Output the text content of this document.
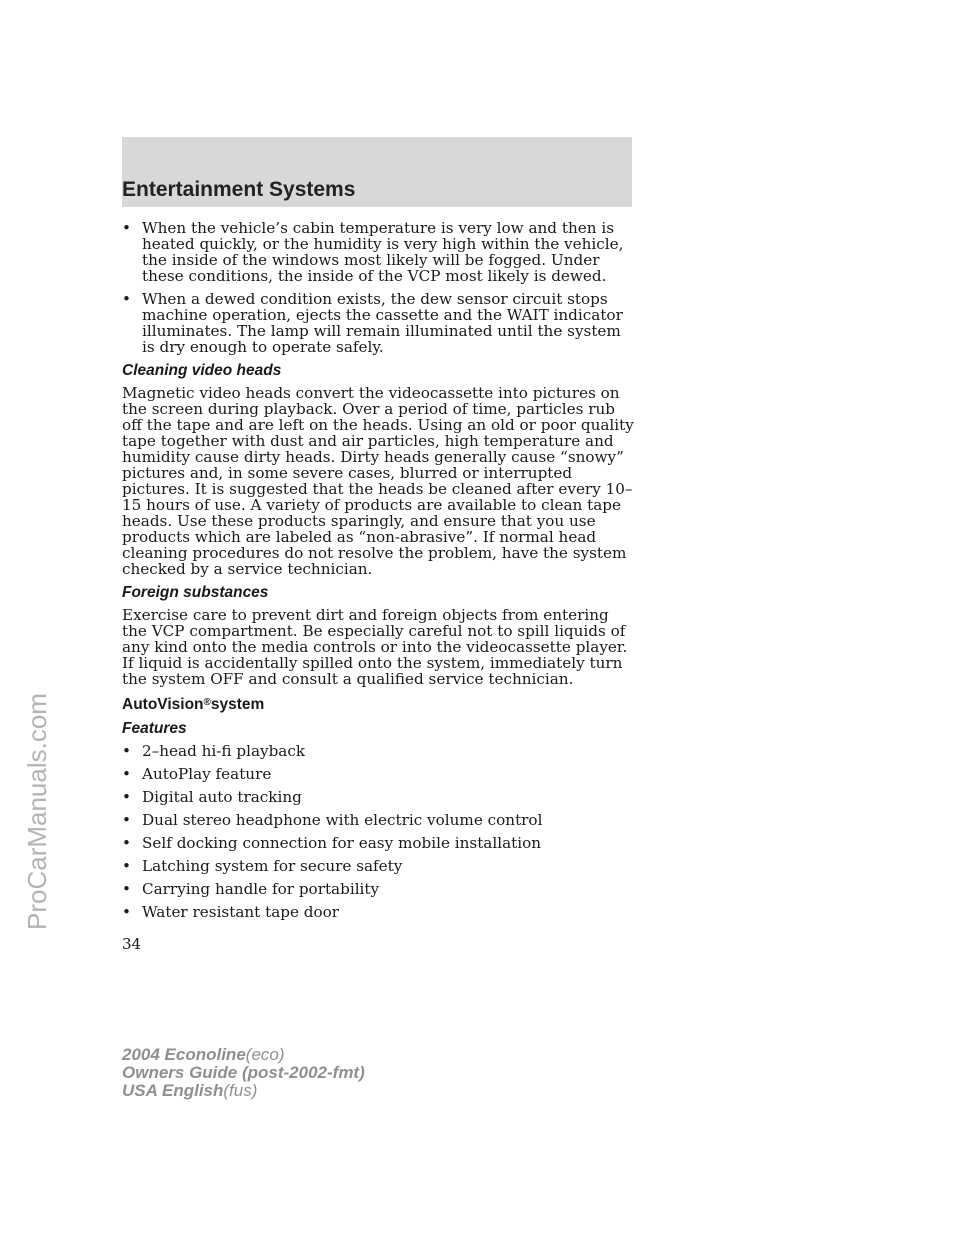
Entertainment Systems
ProCarManuals.com
• When the vehicle’s cabin temperature is very low and then is heated quickly, or the humidity is very high within the vehicle, the inside of the windows most likely will be fogged. Under these conditions, the inside of the VCP most likely is dewed.
• When a dewed condition exists, the dew sensor circuit stops machine operation, ejects the cassette and the WAIT indicator illuminates. The lamp will remain illuminated until the system is dry enough to operate safely.
Cleaning video heads
Magnetic video heads convert the videocassette into pictures on the screen during playback. Over a period of time, particles rub off the tape and are left on the heads. Using an old or poor quality tape together with dust and air particles, high temperature and humidity cause dirty heads. Dirty heads generally cause “snowy” pictures and, in some severe cases, blurred or interrupted pictures. It is suggested that the heads be cleaned after every 10–15 hours of use. A variety of products are available to clean tape heads. Use these products sparingly, and ensure that you use products which are labeled as “non-abrasive”. If normal head cleaning procedures do not resolve the problem, have the system checked by a service technician.
Foreign substances
Exercise care to prevent dirt and foreign objects from entering the VCP compartment. Be especially careful not to spill liquids of any kind onto the media controls or into the videocassette player. If liquid is accidentally spilled onto the system, immediately turn the system OFF and consult a qualified service technician.
AutoVision®system
Features
• 2–head hi-fi playback
• AutoPlay feature
• Digital auto tracking
• Dual stereo headphone with electric volume control
• Self docking connection for easy mobile installation
• Latching system for secure safety
• Carrying handle for portability
• Water resistant tape door
34
2004 Econoline(eco)
Owners Guide (post-2002-fmt)
USA English(fus)
